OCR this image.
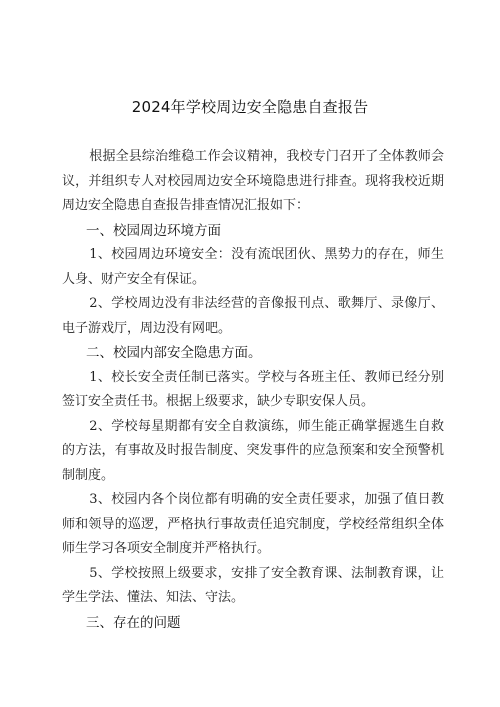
2024年学校周边安全隐患自查报告

根据全县综治维稳工作会议精神，我校专门召开了全体教师会议，并组织专人对校园周边安全环境隐患进行排查。现将我校近期周边安全隐患自查报告排查情况汇报如下：

一、校园周边环境方面

1、校园周边环境安全：没有流氓团伙、黑势力的存在，师生人身、财产安全有保证。

2、学校周边没有非法经营的音像报刊点、歌舞厅、录像厅、电子游戏厅，周边没有网吧。

二、校园内部安全隐患方面。

1、校长安全责任制已落实。学校与各班主任、教师已经分别签订安全责任书。根据上级要求，缺少专职安保人员。

2、学校每星期都有安全自救演练，师生能正确掌握逃生自救的方法，有事故及时报告制度、突发事件的应急预案和安全预警机制制度。

3、校园内各个岗位都有明确的安全责任要求，加强了值日教师和领导的巡逻，严格执行事故责任追究制度，学校经常组织全体师生学习各项安全制度并严格执行。

5、学校按照上级要求，安排了安全教育课、法制教育课，让学生学法、懂法、知法、守法。

三、存在的问题
